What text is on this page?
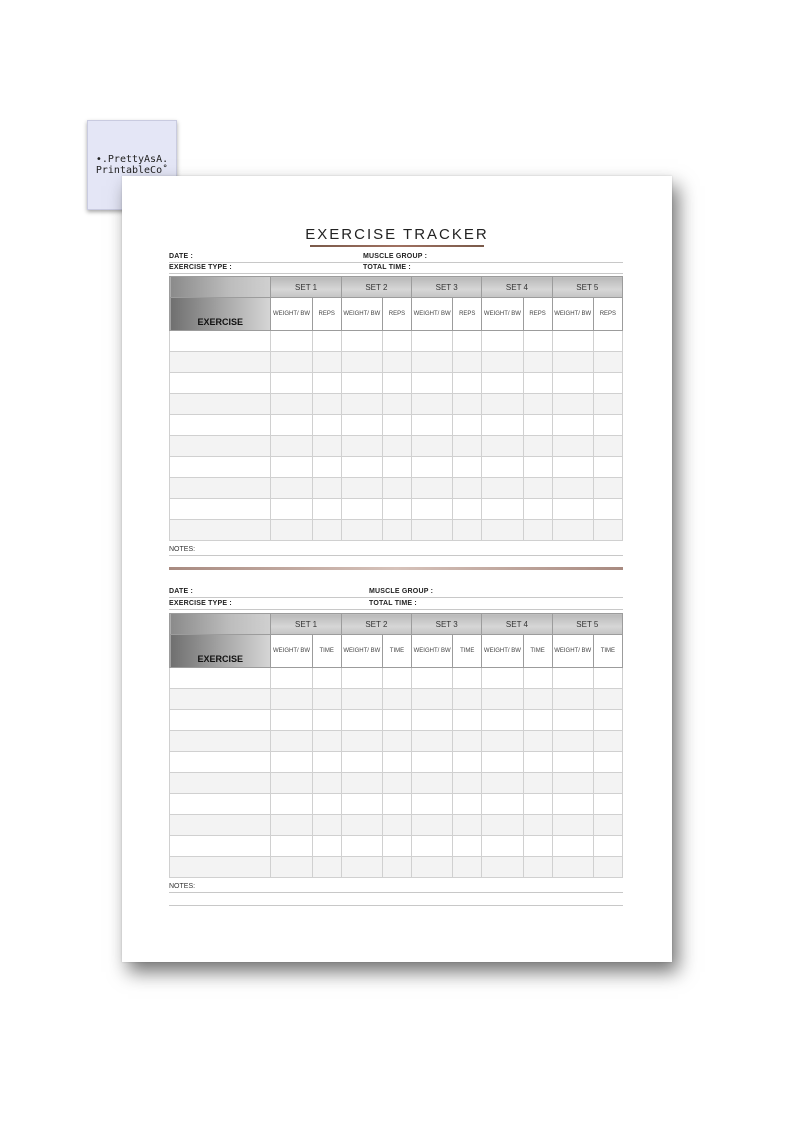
•.PrettyAsA.
PrintableCo˚
EXERCISE TRACKER
DATE :	MUSCLE GROUP :
EXERCISE TYPE :	TOTAL TIME :
	SET 1		SET 2		SET 3		SET 4		SET 5	
EXERCISE	WEIGHT/ BW	REPS	WEIGHT/ BW	REPS	WEIGHT/ BW	REPS	WEIGHT/ BW	REPS	WEIGHT/ BW	REPS

NOTES:
DATE :	MUSCLE GROUP :
EXERCISE TYPE :	TOTAL TIME :
	SET 1		SET 2		SET 3		SET 4		SET 5	
EXERCISE	WEIGHT/ BW	TIME	WEIGHT/ BW	TIME	WEIGHT/ BW	TIME	WEIGHT/ BW	TIME	WEIGHT/ BW	TIME

NOTES:
